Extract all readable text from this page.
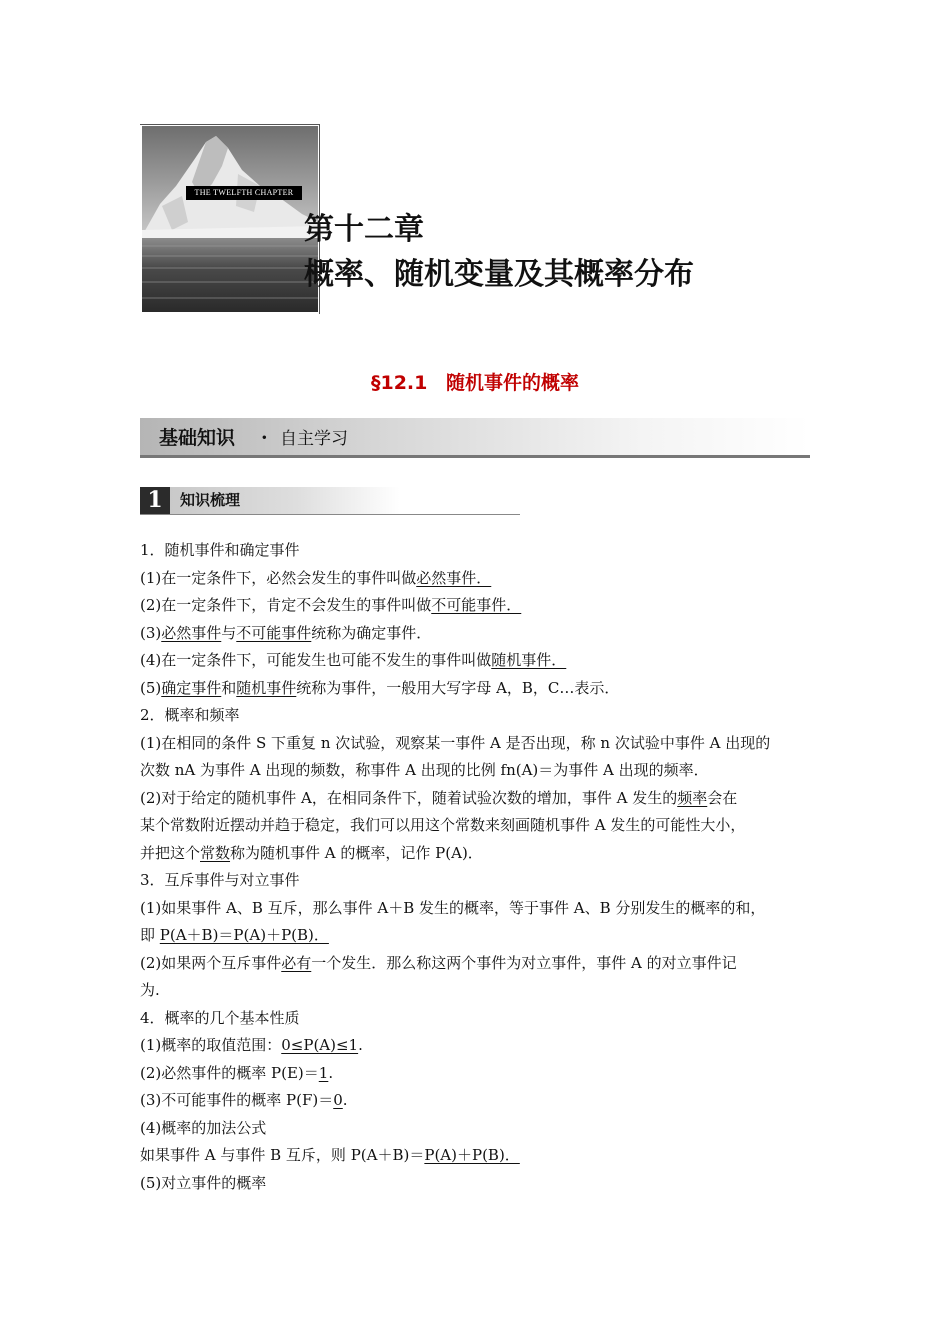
THE TWELFTH CHAPTER
第十二章
概率、随机变量及其概率分布
§12.1 随机事件的概率
基础知识 · 自主学习
1	知识梳理
1．随机事件和确定事件
(1)在一定条件下，必然会发生的事件叫做必然事件．
(2)在一定条件下，肯定不会发生的事件叫做不可能事件．
(3)必然事件与不可能事件统称为确定事件．
(4)在一定条件下，可能发生也可能不发生的事件叫做随机事件．
(5)确定事件和随机事件统称为事件，一般用大写字母 A，B，C…表示．
2．概率和频率
(1)在相同的条件 S 下重复 n 次试验，观察某一事件 A 是否出现，称 n 次试验中事件 A 出现的
次数 nA 为事件 A 出现的频数，称事件 A 出现的比例 fn(A)＝为事件 A 出现的频率．
(2)对于给定的随机事件 A，在相同条件下，随着试验次数的增加，事件 A 发生的频率会在
某个常数附近摆动并趋于稳定，我们可以用这个常数来刻画随机事件 A 发生的可能性大小，
并把这个常数称为随机事件 A 的概率，记作 P(A)．
3．互斥事件与对立事件
(1)如果事件 A、B 互斥，那么事件 A＋B 发生的概率，等于事件 A、B 分别发生的概率的和，
即 P(A＋B)＝P(A)＋P(B)．
(2)如果两个互斥事件必有一个发生．那么称这两个事件为对立事件，事件 A 的对立事件记
为.
4．概率的几个基本性质
(1)概率的取值范围：0≤P(A)≤1.
(2)必然事件的概率 P(E)＝1.
(3)不可能事件的概率 P(F)＝0.
(4)概率的加法公式
如果事件 A 与事件 B 互斥，则 P(A＋B)＝P(A)＋P(B)．
(5)对立事件的概率
